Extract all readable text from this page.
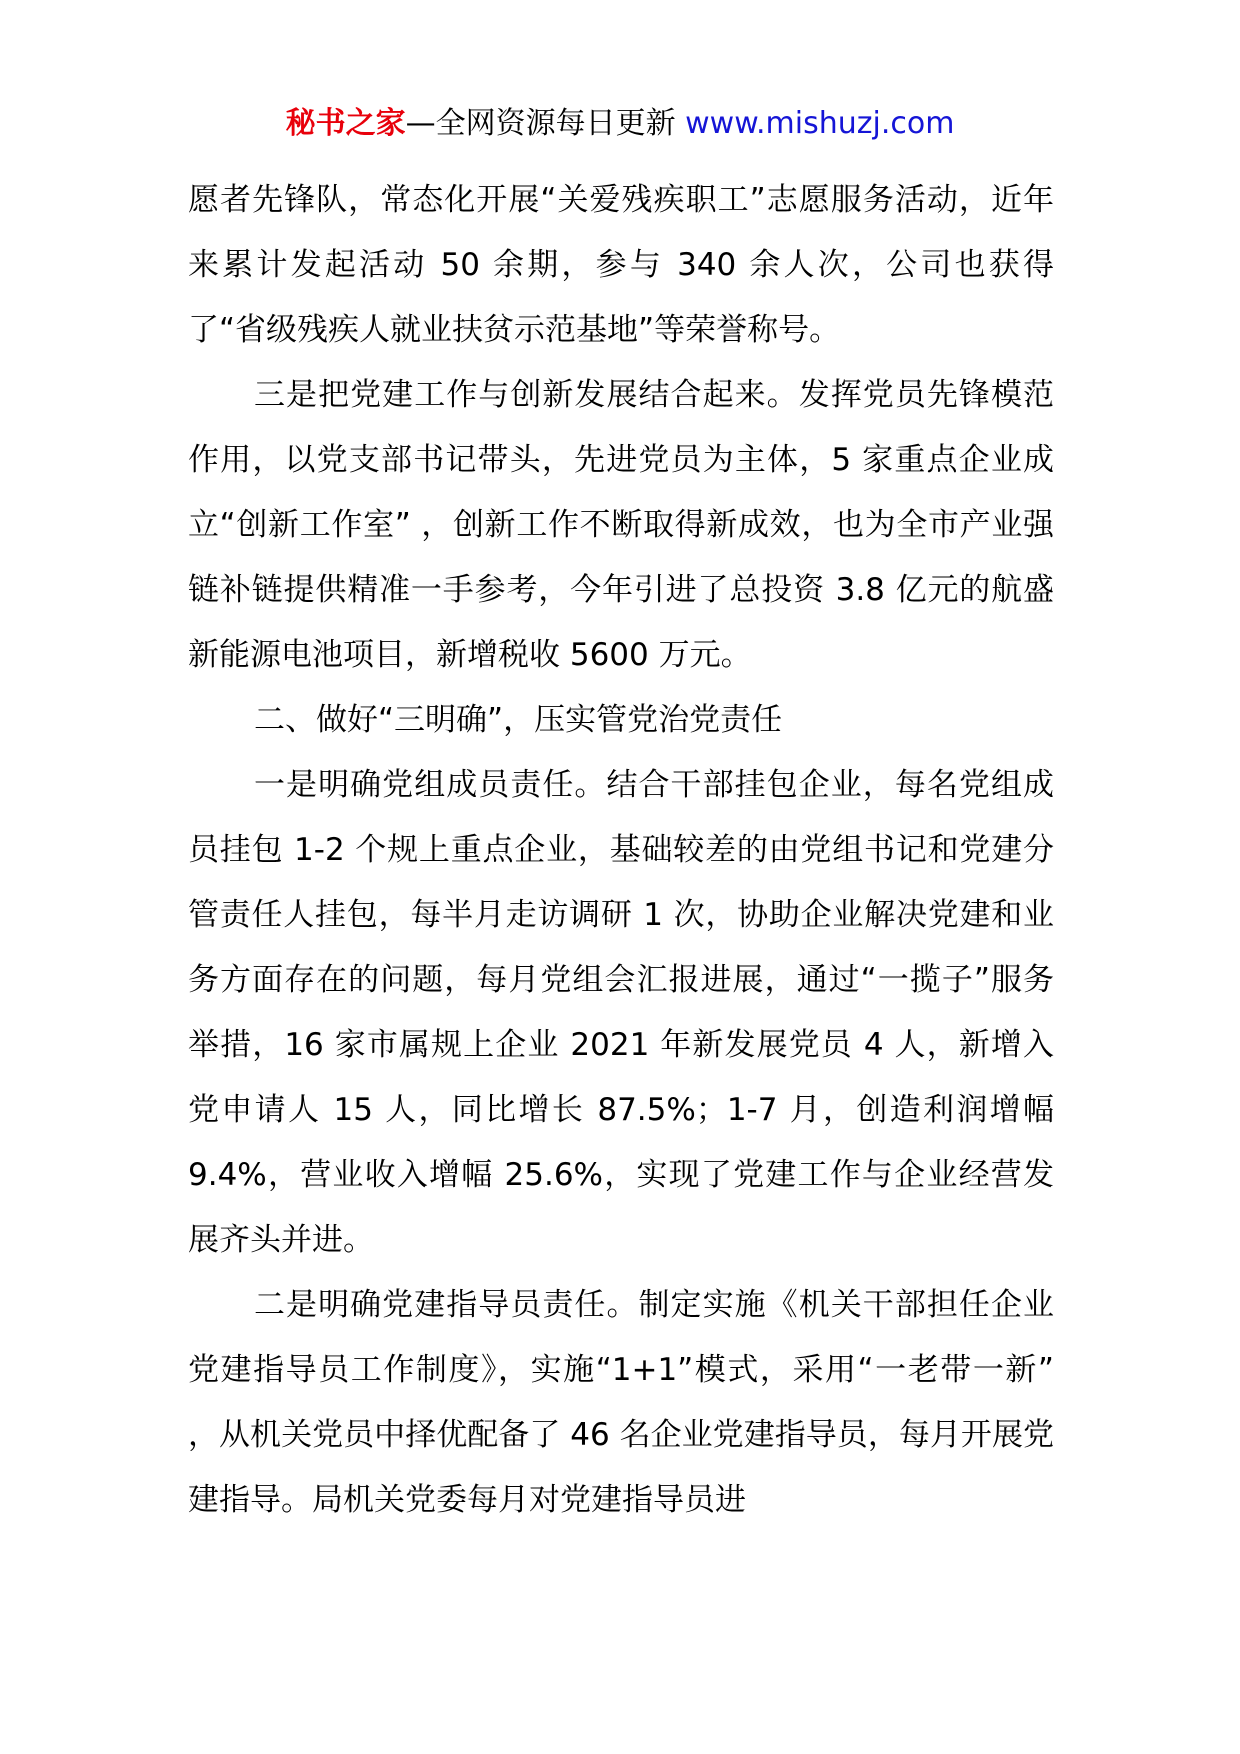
秘书之家—全网资源每日更新 www.mishuzj.com

愿者先锋队，常态化开展“关爱残疾职工”志愿服务活动，近年来累计发起活动 50 余期，参与 340 余人次，公司也获得了“省级残疾人就业扶贫示范基地”等荣誉称号。

三是把党建工作与创新发展结合起来。发挥党员先锋模范作用，以党支部书记带头，先进党员为主体，5 家重点企业成立“创新工作室” ，创新工作不断取得新成效，也为全市产业强链补链提供精准一手参考，今年引进了总投资 3.8 亿元的航盛新能源电池项目，新增税收 5600 万元。

二、做好“三明确”，压实管党治党责任

一是明确党组成员责任。结合干部挂包企业，每名党组成员挂包 1-2 个规上重点企业，基础较差的由党组书记和党建分管责任人挂包，每半月走访调研 1 次，协助企业解决党建和业务方面存在的问题，每月党组会汇报进展，通过“一揽子”服务举措，16 家市属规上企业 2021 年新发展党员 4 人，新增入党申请人 15 人，同比增长 87.5%；1-7 月，创造利润增幅 9.4%，营业收入增幅 25.6%，实现了党建工作与企业经营发展齐头并进。

二是明确党建指导员责任。制定实施《机关干部担任企业党建指导员工作制度》，实施“1+1”模式，采用“一老带一新” ，从机关党员中择优配备了 46 名企业党建指导员，每月开展党建指导。局机关党委每月对党建指导员进
